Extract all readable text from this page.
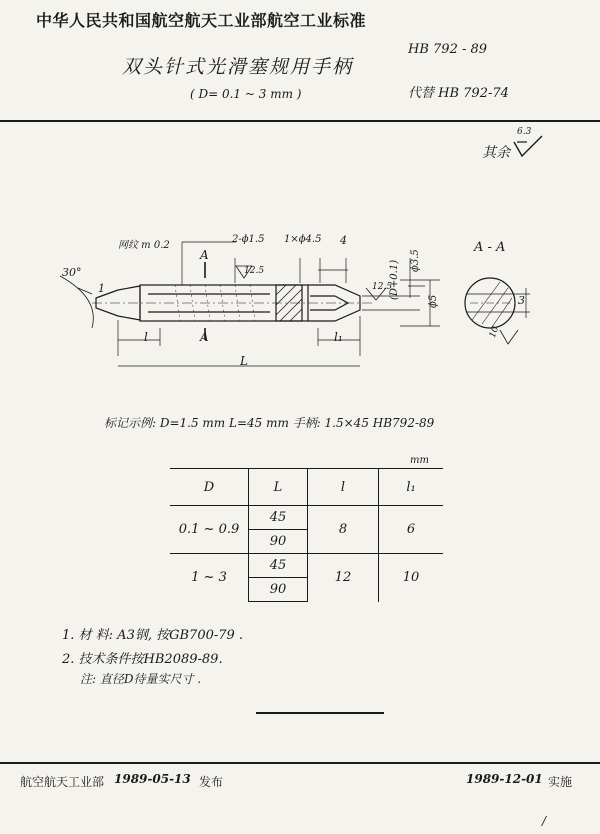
中华人民共和国航空航天工业部航空工业标准
HB 792 - 89
代替 HB 792-74
双头针式光滑塞规用手柄
( D= 0.1 ~ 3 mm )
其余
6.3
网纹 m 0.2
2-ϕ1.5 1×ϕ4.5 4
12.5
A
A
30°
1	(D+0.1) ϕ3.5
ϕ5
12.5
l	l₁
L
A - A
3
10
标记示例: D=1.5 mm L=45 mm 手柄: 1.5×45 HB792-89
mm
D	L	l	l₁
0.1 ~ 0.9	45	8	6
	90		
1 ~ 3	45	12	10
	90		
1. 材 料: A3钢, 按GB700-79 .
2. 技术条件按HB2089-89.
注: 直径D待量实尺寸 .
航空航天工业部 1989-05-13 发布	1989-12-01 实施
/
